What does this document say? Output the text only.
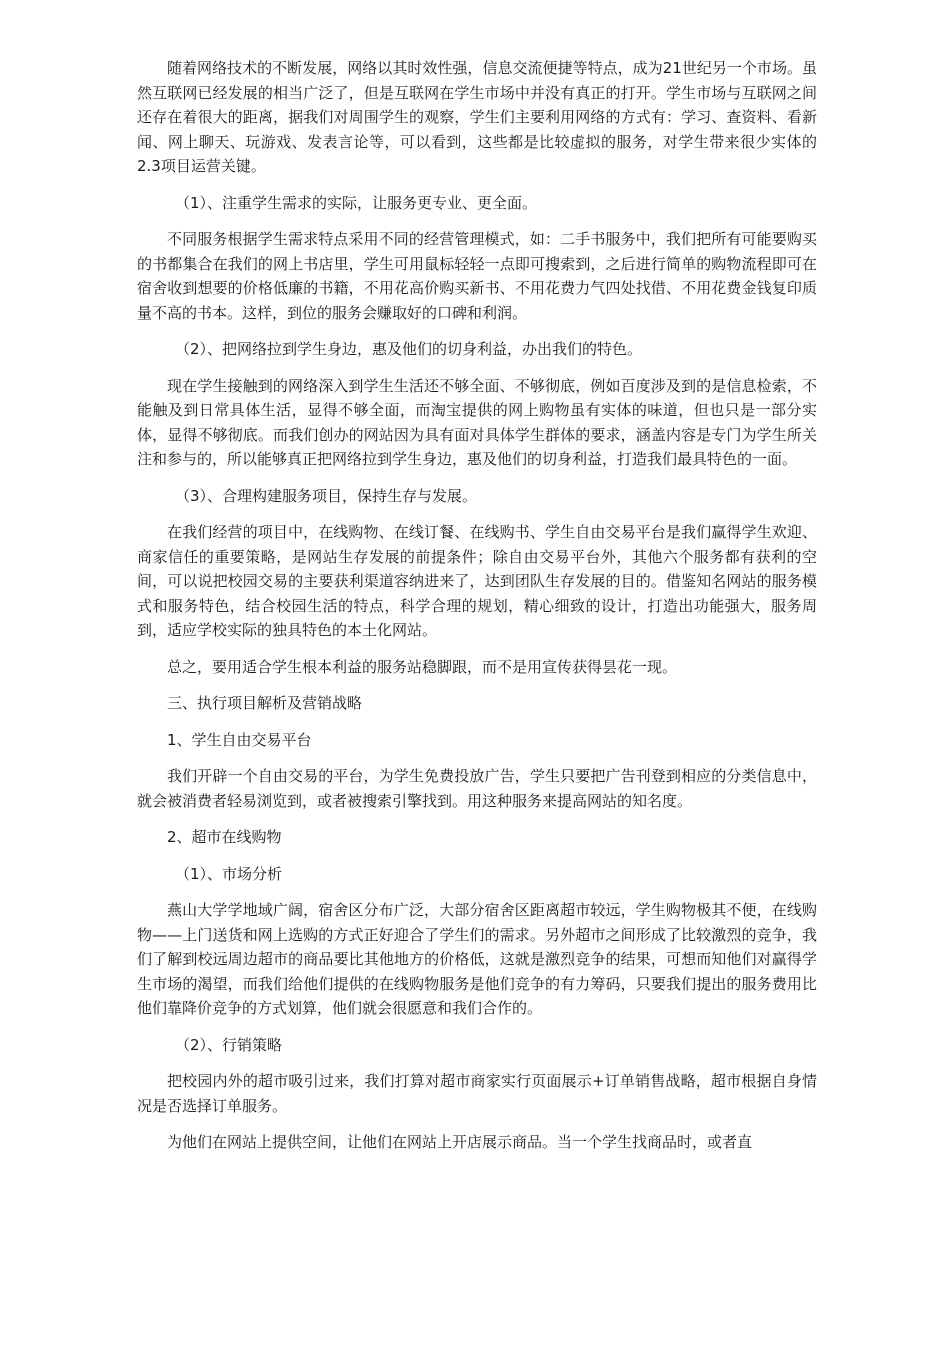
随着网络技术的不断发展，网络以其时效性强，信息交流便捷等特点，成为21世纪另一个市场。虽然互联网已经发展的相当广泛了，但是互联网在学生市场中并没有真正的打开。学生市场与互联网之间还存在着很大的距离，据我们对周围学生的观察，学生们主要利用网络的方式有：学习、查资料、看新闻、网上聊天、玩游戏、发表言论等，可以看到，这些都是比较虚拟的服务，对学生带来很少实体的2.3项目运营关键。

（1）、注重学生需求的实际，让服务更专业、更全面。

不同服务根据学生需求特点采用不同的经营管理模式，如：二手书服务中，我们把所有可能要购买的书都集合在我们的网上书店里，学生可用鼠标轻轻一点即可搜索到，之后进行简单的购物流程即可在宿舍收到想要的价格低廉的书籍，不用花高价购买新书、不用花费力气四处找借、不用花费金钱复印质量不高的书本。这样，到位的服务会赚取好的口碑和利润。

（2）、把网络拉到学生身边，惠及他们的切身利益，办出我们的特色。

现在学生接触到的网络深入到学生生活还不够全面、不够彻底，例如百度涉及到的是信息检索，不能触及到日常具体生活，显得不够全面，而淘宝提供的网上购物虽有实体的味道，但也只是一部分实体，显得不够彻底。而我们创办的网站因为具有面对具体学生群体的要求，涵盖内容是专门为学生所关注和参与的，所以能够真正把网络拉到学生身边，惠及他们的切身利益，打造我们最具特色的一面。

（3）、合理构建服务项目，保持生存与发展。

在我们经营的项目中，在线购物、在线订餐、在线购书、学生自由交易平台是我们赢得学生欢迎、商家信任的重要策略，是网站生存发展的前提条件；除自由交易平台外，其他六个服务都有获利的空间，可以说把校园交易的主要获利渠道容纳进来了，达到团队生存发展的目的。借鉴知名网站的服务模式和服务特色，结合校园生活的特点，科学合理的规划，精心细致的设计，打造出功能强大，服务周到，适应学校实际的独具特色的本土化网站。

总之，要用适合学生根本利益的服务站稳脚跟，而不是用宣传获得昙花一现。

三、执行项目解析及营销战略

1、学生自由交易平台

我们开辟一个自由交易的平台，为学生免费投放广告，学生只要把广告刊登到相应的分类信息中，就会被消费者轻易浏览到，或者被搜索引擎找到。用这种服务来提高网站的知名度。

2、超市在线购物

（1）、市场分析

燕山大学学地域广阔，宿舍区分布广泛，大部分宿舍区距离超市较远，学生购物极其不便，在线购物——上门送货和网上选购的方式正好迎合了学生们的需求。另外超市之间形成了比较激烈的竞争，我们了解到校远周边超市的商品要比其他地方的价格低，这就是激烈竞争的结果，可想而知他们对赢得学生市场的渴望，而我们给他们提供的在线购物服务是他们竞争的有力筹码，只要我们提出的服务费用比他们靠降价竞争的方式划算，他们就会很愿意和我们合作的。

（2）、行销策略

把校园内外的超市吸引过来，我们打算对超市商家实行页面展示+订单销售战略，超市根据自身情况是否选择订单服务。

为他们在网站上提供空间，让他们在网站上开店展示商品。当一个学生找商品时，或者直
